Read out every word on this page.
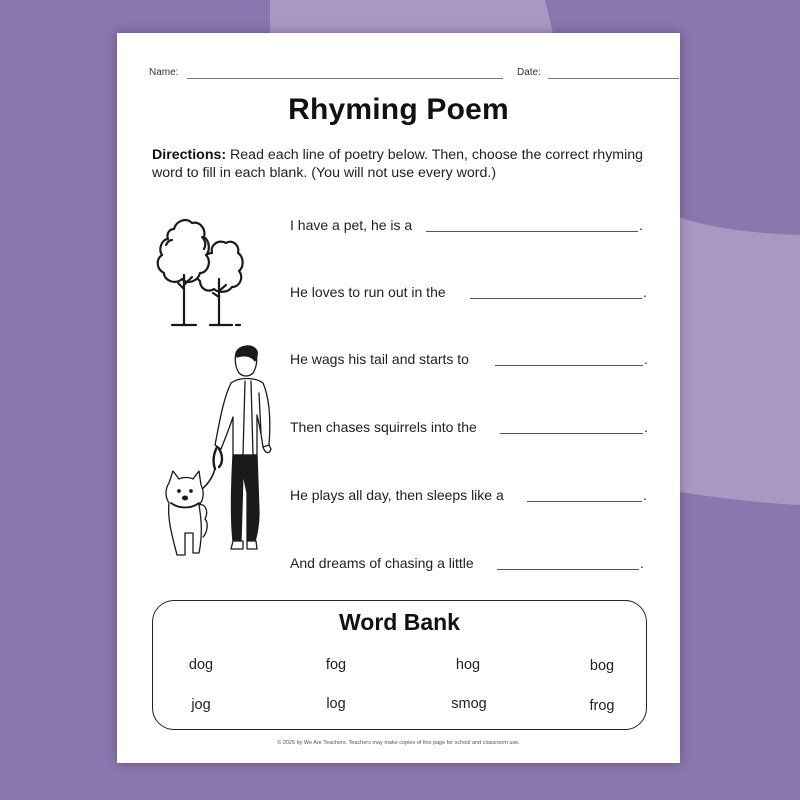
Name:	Date:
Rhyming Poem
Directions: Read each line of poetry below. Then, choose the correct rhyming word to fill in each blank. (You will not use every word.)
I have a pet, he is a	.
He loves to run out in the	.
He wags his tail and starts to	.
Then chases squirrels into the	.
He plays all day, then sleeps like a	.
And dreams of chasing a little	.
Word Bank
dog	fog	hog	bog
jog	log	smog	frog
© 2025 by We Are Teachers. Teachers may make copies of this page for school and classroom use.
